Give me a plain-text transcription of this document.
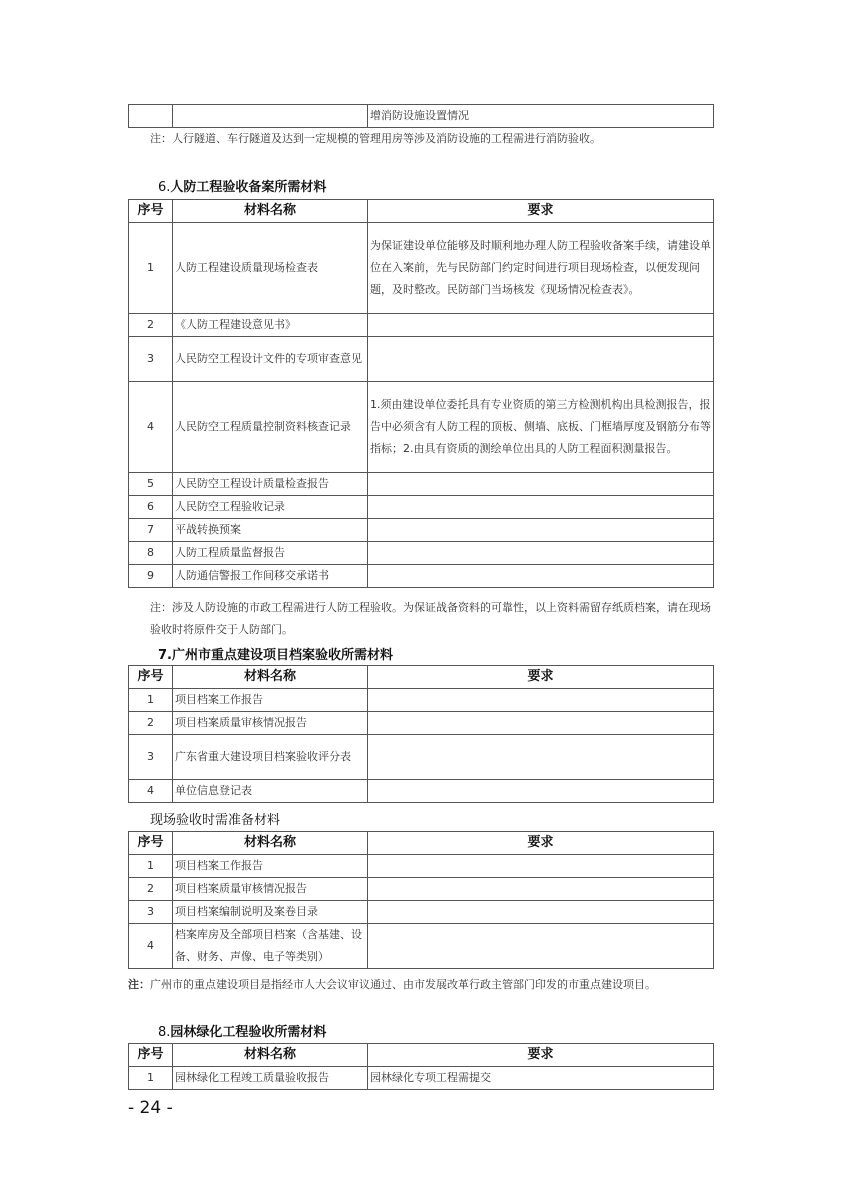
		增消防设施设置情况
注：人行隧道、车行隧道及达到一定规模的管理用房等涉及消防设施的工程需进行消防验收。
6.人防工程验收备案所需材料
序号	材料名称	要求
1	人防工程建设质量现场检查表	为保证建设单位能够及时顺利地办理人防工程验收备案手续，请建设单位在入案前，先与民防部门约定时间进行项目现场检查，以便发现问题，及时整改。民防部门当场核发《现场情况检查表》。
2	《人防工程建设意见书》	
3	人民防空工程设计文件的专项审查意见	
4	人民防空工程质量控制资料核查记录	1.须由建设单位委托具有专业资质的第三方检测机构出具检测报告，报告中必须含有人防工程的顶板、侧墙、底板、门框墙厚度及钢筋分布等指标；2.由具有资质的测绘单位出具的人防工程面积测量报告。
5	人民防空工程设计质量检查报告	
6	人民防空工程验收记录	
7	平战转换预案	
8	人防工程质量监督报告	
9	人防通信警报工作间移交承诺书	
注：涉及人防设施的市政工程需进行人防工程验收。为保证战备资料的可靠性，以上资料需留存纸质档案，请在现场验收时将原件交于人防部门。
7.广州市重点建设项目档案验收所需材料
序号	材料名称	要求
1	项目档案工作报告	
2	项目档案质量审核情况报告	
3	广东省重大建设项目档案验收评分表	
4	单位信息登记表	
现场验收时需准备材料
序号	材料名称	要求
1	项目档案工作报告	
2	项目档案质量审核情况报告	
3	项目档案编制说明及案卷目录	
4	档案库房及全部项目档案（含基建、设备、财务、声像、电子等类别）	
注：广州市的重点建设项目是指经市人大会议审议通过、由市发展改革行政主管部门印发的市重点建设项目。
8.园林绿化工程验收所需材料
序号	材料名称	要求
1	园林绿化工程竣工质量验收报告	园林绿化专项工程需提交
- 24 -
